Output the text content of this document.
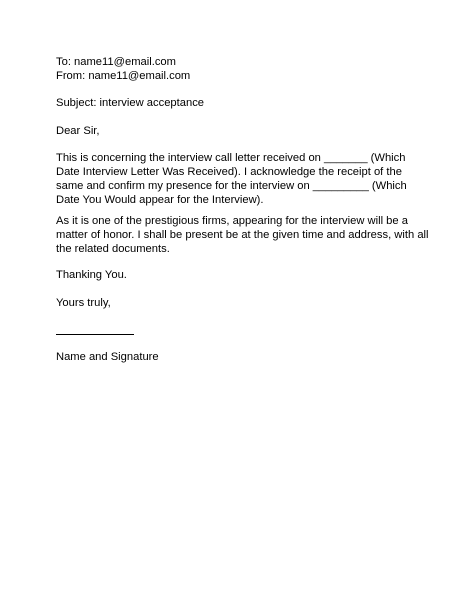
To: name11@email.com
From: name11@email.com
Subject: interview acceptance
Dear Sir,
This is concerning the interview call letter received on _______ (Which
Date Interview Letter Was Received). I acknowledge the receipt of the
same and confirm my presence for the interview on _________ (Which
Date You Would appear for the Interview).
As it is one of the prestigious firms, appearing for the interview will be a
matter of honor. I shall be present be at the given time and address, with all
the related documents.
Thanking You.
Yours truly,
Name and Signature
